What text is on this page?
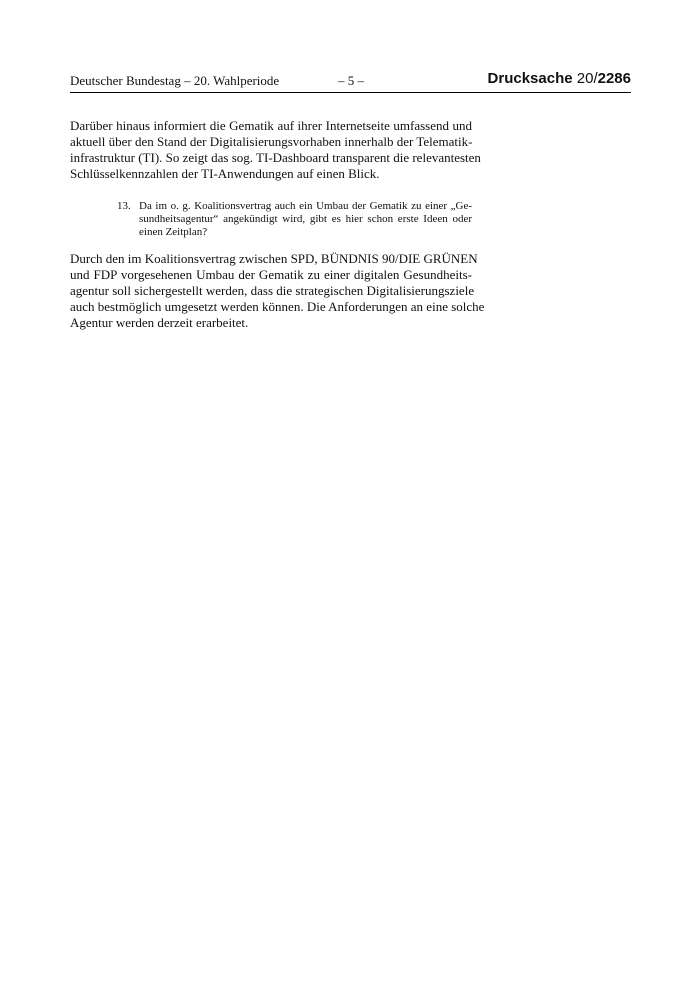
Deutscher Bundestag – 20. Wahlperiode	– 5 –	Drucksache 20/2286
Darüber hinaus informiert die Gematik auf ihrer Internetseite umfassend und
aktuell über den Stand der Digitalisierungsvorhaben innerhalb der Telematik-
infrastruktur (TI). So zeigt das sog. TI-Dashboard transparent die relevantesten
Schlüsselkennzahlen der TI-Anwendungen auf einen Blick.
13. Da im o. g. Koalitionsvertrag auch ein Umbau der Gematik zu einer „Ge-
sundheitsagentur“ angekündigt wird, gibt es hier schon erste Ideen oder
einen Zeitplan?
Durch den im Koalitionsvertrag zwischen SPD, BÜNDNIS 90/DIE GRÜNEN
und FDP vorgesehenen Umbau der Gematik zu einer digitalen Gesundheits-
agentur soll sichergestellt werden, dass die strategischen Digitalisierungsziele
auch bestmöglich umgesetzt werden können. Die Anforderungen an eine solche
Agentur werden derzeit erarbeitet.
